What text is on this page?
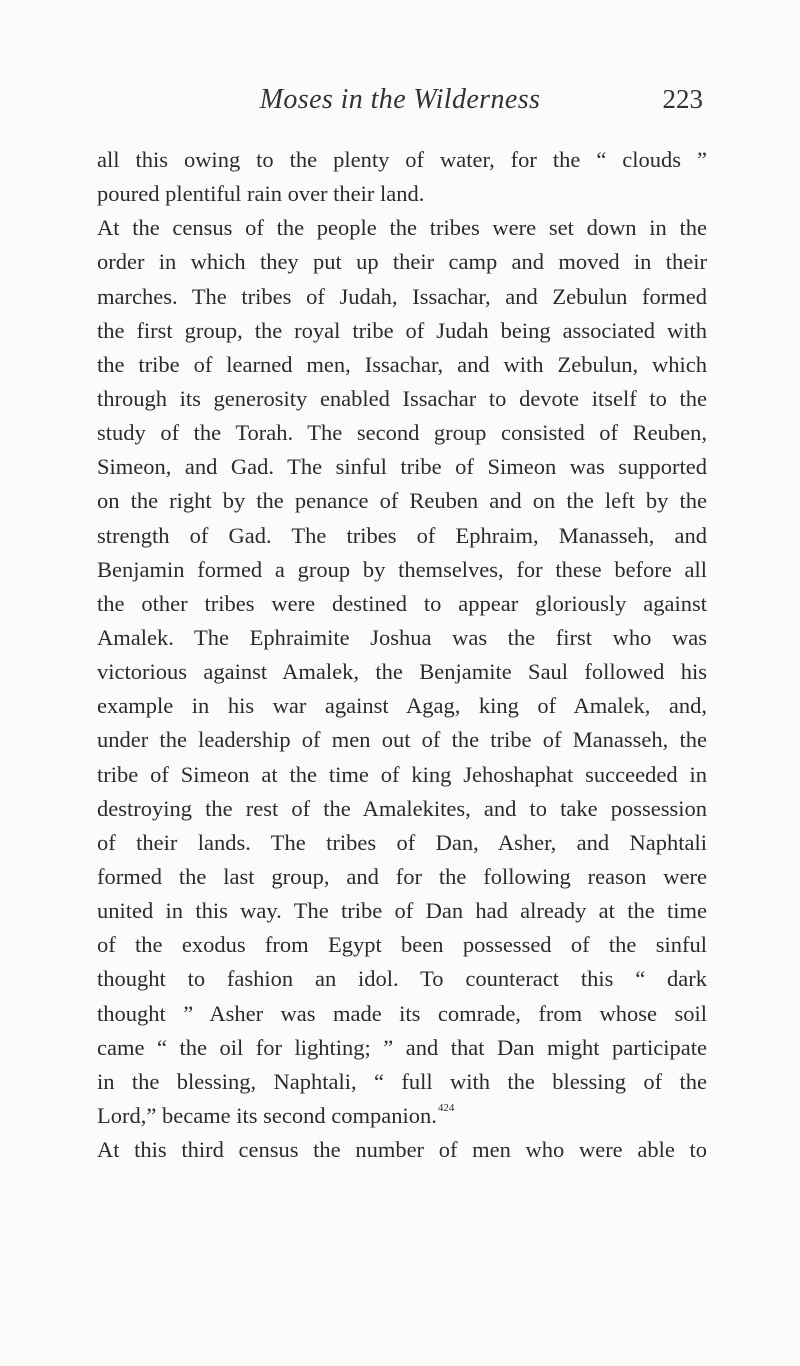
Moses in the Wilderness	223
all this owing to the plenty of water, for the “ clouds ”
poured plentiful rain over their land.
At the census of the people the tribes were set down in the
order in which they put up their camp and moved in their
marches. The tribes of Judah, Issachar, and Zebulun formed
the first group, the royal tribe of Judah being associated with
the tribe of learned men, Issachar, and with Zebulun, which
through its generosity enabled Issachar to devote itself to the
study of the Torah. The second group consisted of Reuben,
Simeon, and Gad. The sinful tribe of Simeon was supported
on the right by the penance of Reuben and on the left by the
strength of Gad. The tribes of Ephraim, Manasseh, and
Benjamin formed a group by themselves, for these before all
the other tribes were destined to appear gloriously against
Amalek. The Ephraimite Joshua was the first who was
victorious against Amalek, the Benjamite Saul followed his
example in his war against Agag, king of Amalek, and,
under the leadership of men out of the tribe of Manasseh, the
tribe of Simeon at the time of king Jehoshaphat succeeded in
destroying the rest of the Amalekites, and to take possession
of their lands. The tribes of Dan, Asher, and Naphtali
formed the last group, and for the following reason were
united in this way. The tribe of Dan had already at the time
of the exodus from Egypt been possessed of the sinful
thought to fashion an idol. To counteract this “ dark
thought ” Asher was made its comrade, from whose soil
came “ the oil for lighting; ” and that Dan might participate
in the blessing, Naphtali, “ full with the blessing of the
Lord,” became its second companion.$^{424}$
At this third census the number of men who were able to
